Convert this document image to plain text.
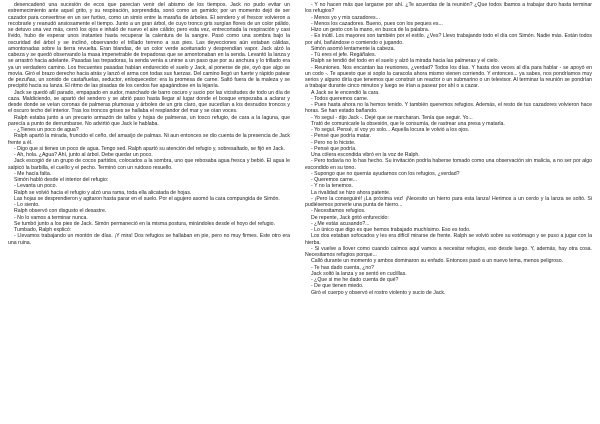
desencadenó una sucesión de ecos que parecían venir del abismo de los tiempos. Jack no pudo evitar un estremecimiento ante aquel grito, y su respiración, sorprendida, sonó como un gemido; por un momento dejó de ser cazador para convertirse en un ser furtivo, como un simio entre la maraña de árboles. El sendero y el frescor volvieron a recobrarle y reanudó ansiosamente el tiempo. Junto a un gran árbol, de cuyo tronco gris surgían flores de un color pálido, se detuvo una vez más, cerró los ojos e inhaló de nuevo el aire cálido; pero esta vez, entrecortada la respiración y casi lívido, hubo de esperar unos instantes hasta recuperar la calentura de la sangre. Pasó como una sombra bajo la oscuridad del árbol y se inclinó, observando el trillado terreno a sus pies. Las deyecciones aún estaban cálidas, amontonadas sobre la tierra revuelta. Eran blandas, de un color verde aceitunado y desprendían vapor. Jack alzó la cabeza y se quedó observando la masa impenetrable de trepadoras que se amontonaban en la senda. Levantó la lanza y se arrastró hacia adelante. Pasadas las trepadoras, la senda venía a unirse a un paso que por su anchura y lo trillado era ya un verdadero camino. Los frecuentes pasadas habían endurecido el suelo y Jack, al ponerse de pie, oyó que algo se movía. Giró el brazo derecho hacia atrás y lanzó el arma con todas sus fuerzas. Del camino llegó un fuerte y rápido patear de pezuñas, un sonido de castañuelas, seductor, enloquecedor: era la promesa de carne. Saltó fuera de la maleza y se precipitó hacia su lanza. El ritmo de las pisadas de los cerdos fue apagándose en la lejanía.

Jack se quedó allí parado, empapado en sudor, manchado de barro oscuro y sucio por las vicisitudes de todo un día de caza. Maldiciendo, se apartó del sendero y se abrió paso hasta llegar al lugar donde el bosque empezaba a aclarar y desde donde se veían coronas de palmeras plumosas y árboles de un gris claro, que sucedían a los desnudos troncos y el oscuro techo del interior. Tras los troncos grises se hallaba el resplandor del mar y se oían voces.

Ralph estaba junto a un precario armazón de tallos y hojas de palmeras, un tosco refugio, de cara a la laguna, que parecía a punto de derrumbarse. No advirtió que Jack le hablaba.

- ¿Tienes un poco de agua?

Ralph apartó la mirada, fruncido el ceño, del amasijo de palmas. Ni aun entonces se dio cuenta de la presencia de Jack frente a él.

- Digo que si tienes un poco de agua. Tengo sed. Ralph apartó su atención del refugio y, sobresaltado, se fijó en Jack.

- Ah, hola. ¿Agua? Ahí, junto al árbol. Debe quedar un poco.

Jack escogió de un grupo de cocos partidos, colocados a la sombra, uno que rebosaba agua fresca y bebió. El agua le salpicó la barbilla, el cuello y el pecho. Terminó con un ruidoso resuello.

- Me hacía falta.

Simón habló desde el interior del refugio:

- Levanta un poco.

Ralph se volvió hacia el refugio y alzó una rama, toda ella alicatada de hojas.

Las hojas se desprendieron y agitaron hasta parar en el suelo. Por el agujero asomó la cara compungida de Simón.

- Lo siento.

Ralph observó con disgusto el desastre.

- No lo vamos a terminar nunca.

Se tumbó junto a los pies de Jack. Simón permaneció en la misma postura, mirándoles desde el hoyo del refugio.

Tumbado, Ralph explicó:

- Llevamos trabajando un montón de días. ¡Y mira! Dos refugios se hallaban en pie, pero no muy firmes. Este otro era una ruina.

- Y no hacen más que largarse por ahí. ¿Te acuerdas de la reunión? ¿Que todos íbamos a trabajar duro hasta terminar los refugios?

- Menos yo y mis cazadores...

- Menos los cazadores. Bueno, pues con los peques es...

Hizo un gesto con la mano, en busca de la palabra.

- Es inútil. Los mayores son también por el estilo. ¿Ves? Llevo trabajando todo el día con Simón. Nadie más. Están todos por ahí, bañándose o comiendo o jugando.

Simón asomó lentamente la cabeza.

- Tú eres el jefe. Regáñales.

Ralph se tendió del todo en el suelo y alzó la mirada hacia las palmeras y el cielo.

- Reuniones. Nos encantan las reuniones, ¿verdad? Todos los días. Y hasta dos veces al día para hablar - se apoyó en un codo -. Te apuesto que si soplo la caracola ahora mismo vienen corriendo. Y entonces... ya sabes, nos pondríamos muy serios y alguno diría que tenemos que construir un reactor o un submarino o un televisor. Al terminar la reunión se pondrían a trabajar durante cinco minutos y luego se irían a pasear por ahí o a cazar.

A Jack se le encendió la cara.

- Todos queremos carne.

- Pues hasta ahora no la hemos tenido. Y también queremos refugios. Además, el resto de tus cazadores volvieron hace horas. Se han estado bañando.

- Yo seguí - dijo Jack -. Dejé que se marcharan. Tenía que seguir. Yo...

Trató de comunicarle la obsesión, que le consumía, de rastrear una presa y matarla.

- Yo seguí. Pensé, sí voy yo solo... Aquella locura le volvió a los ojos.

- Pensé que podría matar.

- Pero no lo hiciste.

- Pensé que podría.

Una cólera escondida vibró en la voz de Ralph.

- Pero todavía no lo has hecho. Su invitación podría haberse tomado como una observación sin malicia, a no ser por algo escondido en su tono.

- Supongo que no querrás ayudarnos con los refugios, ¿verdad?

- Queremos carne...

- Y no la tenemos.

La rivalidad se hizo ahora patente.

- ¡Pero la conseguiré! ¡La próxima vez! ¡Necesito un hierro para esta lanza! Herimos a un cerdo y la lanza se soltó. Si pudiésemos ponerle una punta de hierro...

- Necesitamos refugios.

De repente, Jack gritó enfurecido:

- ¿Me estás acusando?...

- Lo único que digo es que hemos trabajado muchísimo. Eso es todo.

Los dos estaban sofocados y les era difícil mirarse de frente. Ralph se volvió sobre su estómago y se puso a jugar con la hierba.

- Si vuelve a llover como cuando caímos aquí vamos a necesitar refugios, eso desde luego. Y, además, hay otra cosa. Necesitamos refugios porque...

Calló durante un momento y ambos dominaron su enfado. Entonces pasó a un nuevo tema, menos peligroso.

- Te has dado cuenta, ¿no?

Jack soltó la lanza y se sentó en cuclillas.

- ¿Que si me he dado cuenta de qué?

- De que tienen miedo.

Giró el cuerpo y observó el rostro violento y sucio de Jack.
